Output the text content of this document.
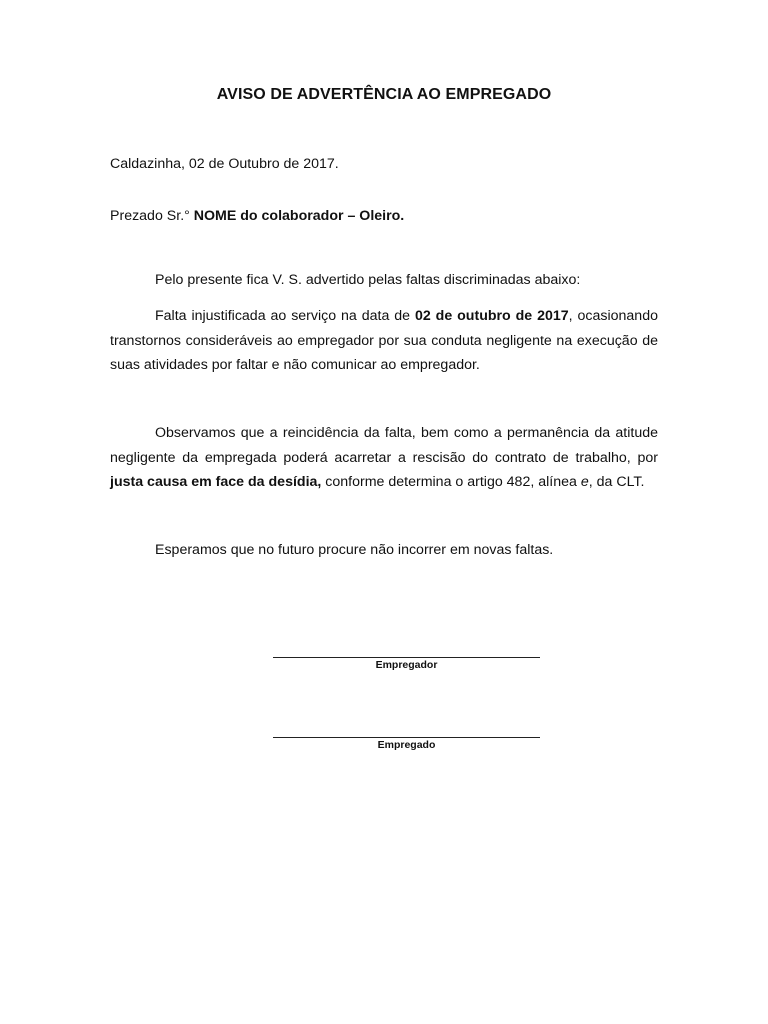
AVISO DE ADVERTÊNCIA AO EMPREGADO
Caldazinha, 02 de Outubro de 2017.
Prezado Sr.° NOME do colaborador – Oleiro.
Pelo presente fica V. S. advertido pelas faltas discriminadas abaixo:
Falta injustificada ao serviço na data de 02 de outubro de 2017, ocasionando transtornos consideráveis ao empregador por sua conduta negligente na execução de suas atividades por faltar e não comunicar ao empregador.
Observamos que a reincidência da falta, bem como a permanência da atitude negligente da empregada poderá acarretar a rescisão do contrato de trabalho, por justa causa em face da desídia, conforme determina o artigo 482, alínea e, da CLT.
Esperamos que no futuro procure não incorrer em novas faltas.
Empregador
Empregado
